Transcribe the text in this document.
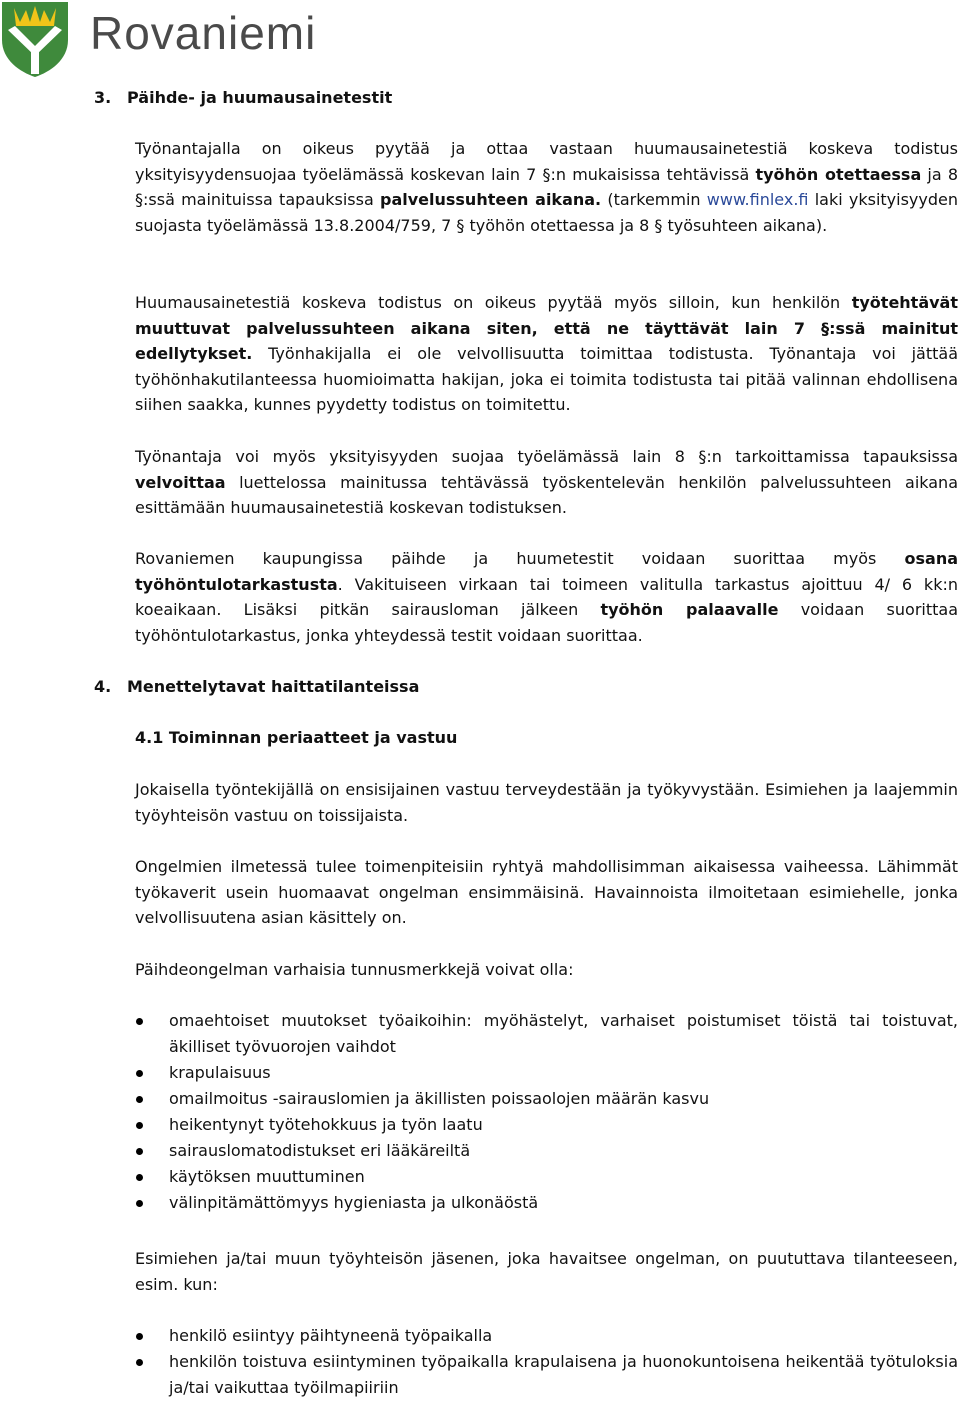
Rovaniemi
3. Päihde- ja huumausainetestit
Työnantajalla on oikeus pyytää ja ottaa vastaan huumausainetestiä koskeva todistus yksityisyydensuojaa työelämässä koskevan lain 7 §:n mukaisissa tehtävissä työhön otettaessa ja 8 §:ssä mainituissa tapauksissa palvelussuhteen aikana. (tarkemmin www.finlex.fi laki yksityisyyden suojasta työelämässä 13.8.2004/759, 7 § työhön otettaessa ja 8 § työsuhteen aikana).
Huumausainetestiä koskeva todistus on oikeus pyytää myös silloin, kun henkilön työtehtävät muuttuvat palvelussuhteen aikana siten, että ne täyttävät lain 7 §:ssä mainitut edellytykset. Työnhakijalla ei ole velvollisuutta toimittaa todistusta. Työnantaja voi jättää työhönhakutilanteessa huomioimatta hakijan, joka ei toimita todistusta tai pitää valinnan ehdollisena siihen saakka, kunnes pyydetty todistus on toimitettu.
Työnantaja voi myös yksityisyyden suojaa työelämässä lain 8 §:n tarkoittamissa tapauksissa velvoittaa luettelossa mainitussa tehtävässä työskentelevän henkilön palvelussuhteen aikana esittämään huumausainetestiä koskevan todistuksen.
Rovaniemen kaupungissa päihde ja huumetestit voidaan suorittaa myös osana työhöntulotarkastusta. Vakituiseen virkaan tai toimeen valitulla tarkastus ajoittuu 4/ 6 kk:n koeaikaan. Lisäksi pitkän sairausloman jälkeen työhön palaavalle voidaan suorittaa työhöntulotarkastus, jonka yhteydessä testit voidaan suorittaa.
4. Menettelytavat haittatilanteissa
4.1 Toiminnan periaatteet ja vastuu
Jokaisella työntekijällä on ensisijainen vastuu terveydestään ja työkyvystään. Esimiehen ja laajemmin työyhteisön vastuu on toissijaista.
Ongelmien ilmetessä tulee toimenpiteisiin ryhtyä mahdollisimman aikaisessa vaiheessa. Lähimmät työkaverit usein huomaavat ongelman ensimmäisinä. Havainnoista ilmoitetaan esimiehelle, jonka velvollisuutena asian käsittely on.
Päihdeongelman varhaisia tunnusmerkkejä voivat olla:
omaehtoiset muutokset työaikoihin: myöhästelyt, varhaiset poistumiset töistä tai toistuvat, äkilliset työvuorojen vaihdot
krapulaisuus
omailmoitus -sairauslomien ja äkillisten poissaolojen määrän kasvu
heikentynyt työtehokkuus ja työn laatu
sairauslomatodistukset eri lääkäreiltä
käytöksen muuttuminen
välinpitämättömyys hygieniasta ja ulkonäöstä
Esimiehen ja/tai muun työyhteisön jäsenen, joka havaitsee ongelman, on puututtava tilanteeseen, esim. kun:
henkilö esiintyy päihtyneenä työpaikalla
henkilön toistuva esiintyminen työpaikalla krapulaisena ja huonokuntoisena heikentää työtuloksia ja/tai vaikuttaa työilmapiiriin
